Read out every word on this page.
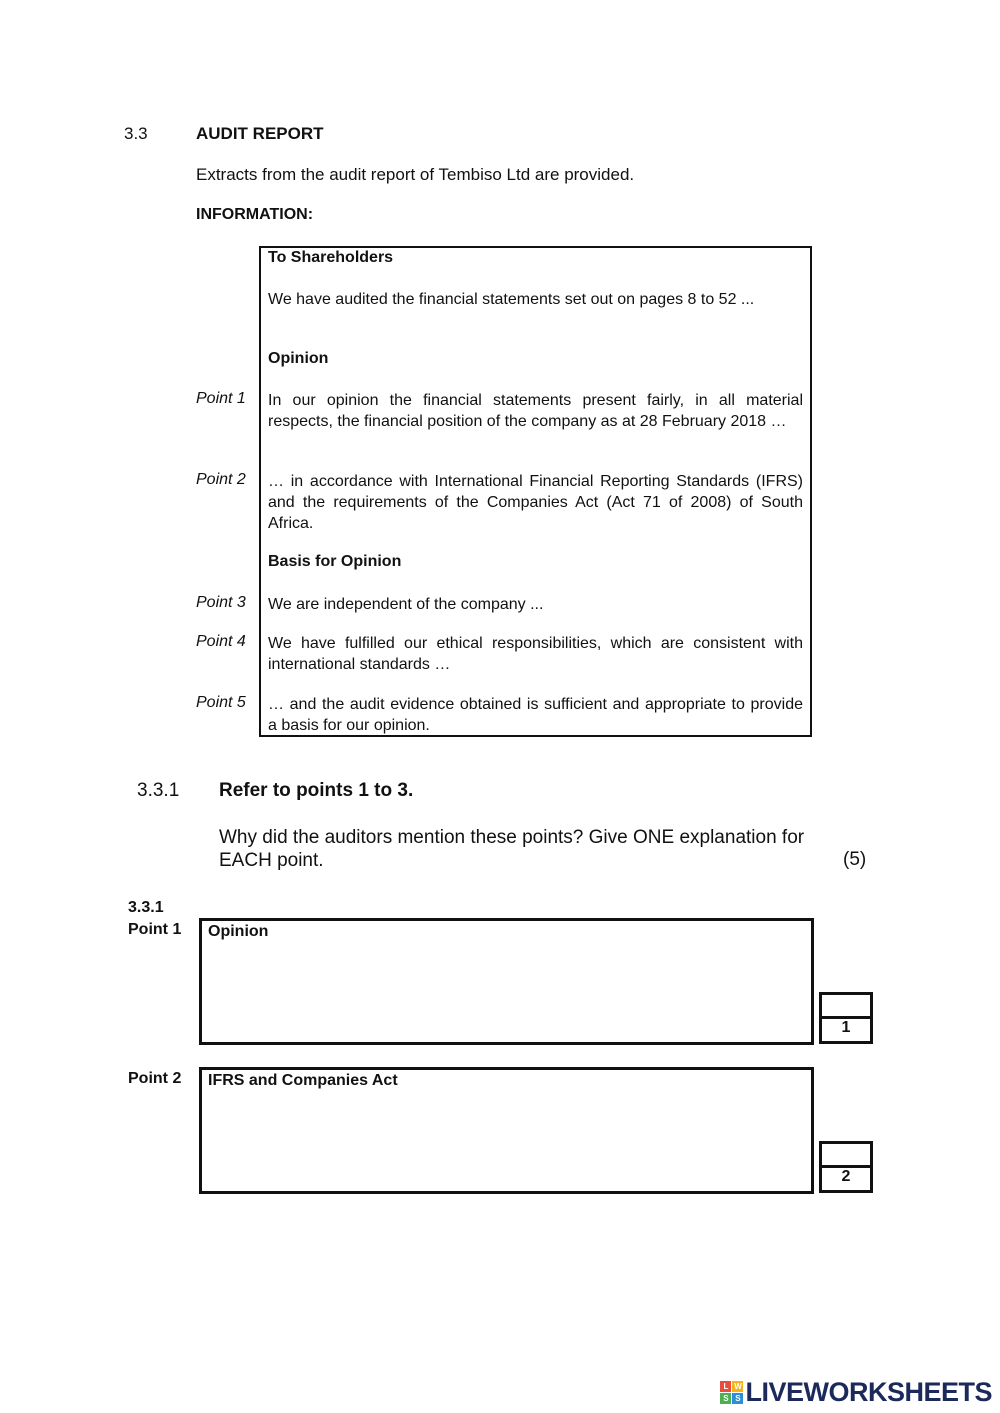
3.3	AUDIT REPORT
Extracts from the audit report of Tembiso Ltd are provided.
INFORMATION:
To Shareholders
We have audited the financial statements set out on pages 8 to 52 ...
Opinion
Point 1 In our opinion the financial statements present fairly, in all material respects, the financial position of the company as at 28 February 2018 …
Point 2 … in accordance with International Financial Reporting Standards (IFRS) and the requirements of the Companies Act (Act 71 of 2008) of South Africa.
Basis for Opinion
Point 3 We are independent of the company ...
Point 4 We have fulfilled our ethical responsibilities, which are consistent with international standards …
Point 5 … and the audit evidence obtained is sufficient and appropriate to provide a basis for our opinion.
3.3.1 Refer to points 1 to 3.
Why did the auditors mention these points? Give ONE explanation for EACH point.	(5)
3.3.1
Point 1 Opinion
1
Point 2 IFRS and Companies Act
2
L W
S S LIVEWORKSHEETS
